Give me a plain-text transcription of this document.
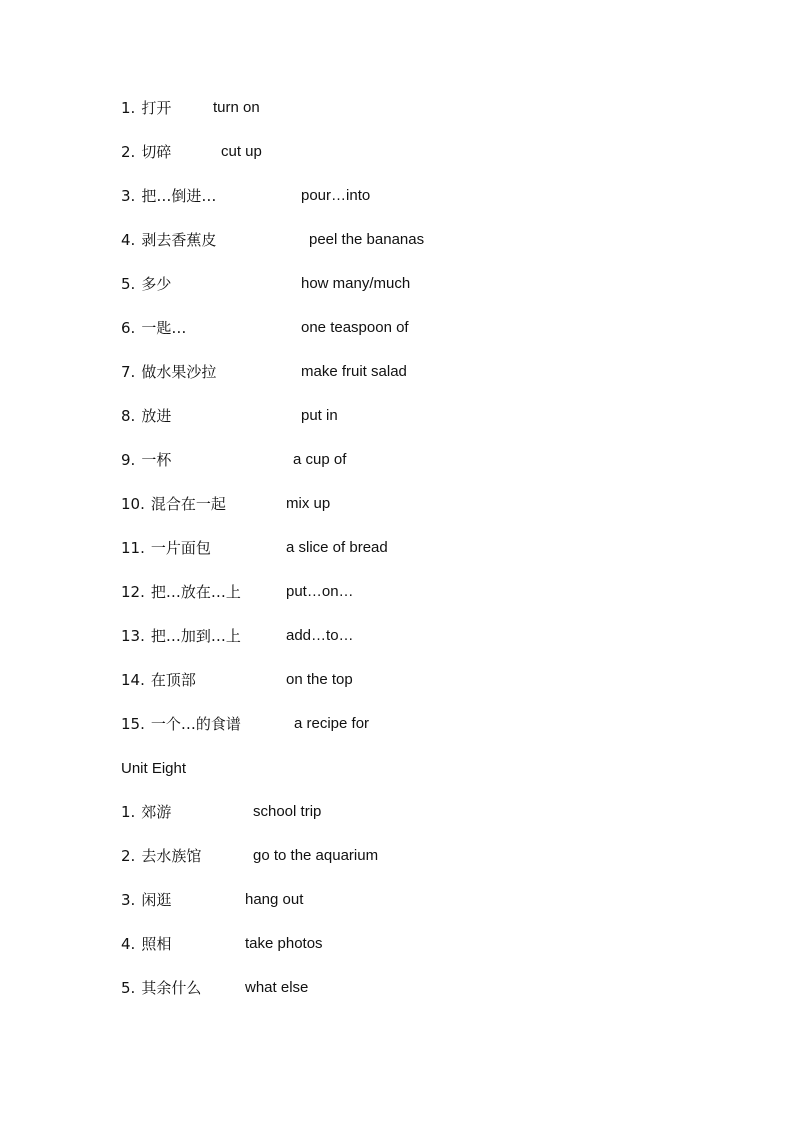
1. 打开	turn on
2. 切碎	cut up
3. 把…倒进…	pour…into
4. 剥去香蕉皮	peel the bananas
5. 多少	how many/much
6. 一匙…	one teaspoon of
7. 做水果沙拉	make fruit salad
8. 放进	put in
9. 一杯	a cup of
10. 混合在一起	mix up
11. 一片面包	a slice of bread
12. 把…放在…上	put…on…
13. 把…加到…上	add…to…
14. 在顶部	on the top
15. 一个…的食谱	a recipe for
Unit Eight
1. 郊游	school trip
2. 去水族馆	go to the aquarium
3. 闲逛	hang out
4. 照相	take photos
5. 其余什么	what else
